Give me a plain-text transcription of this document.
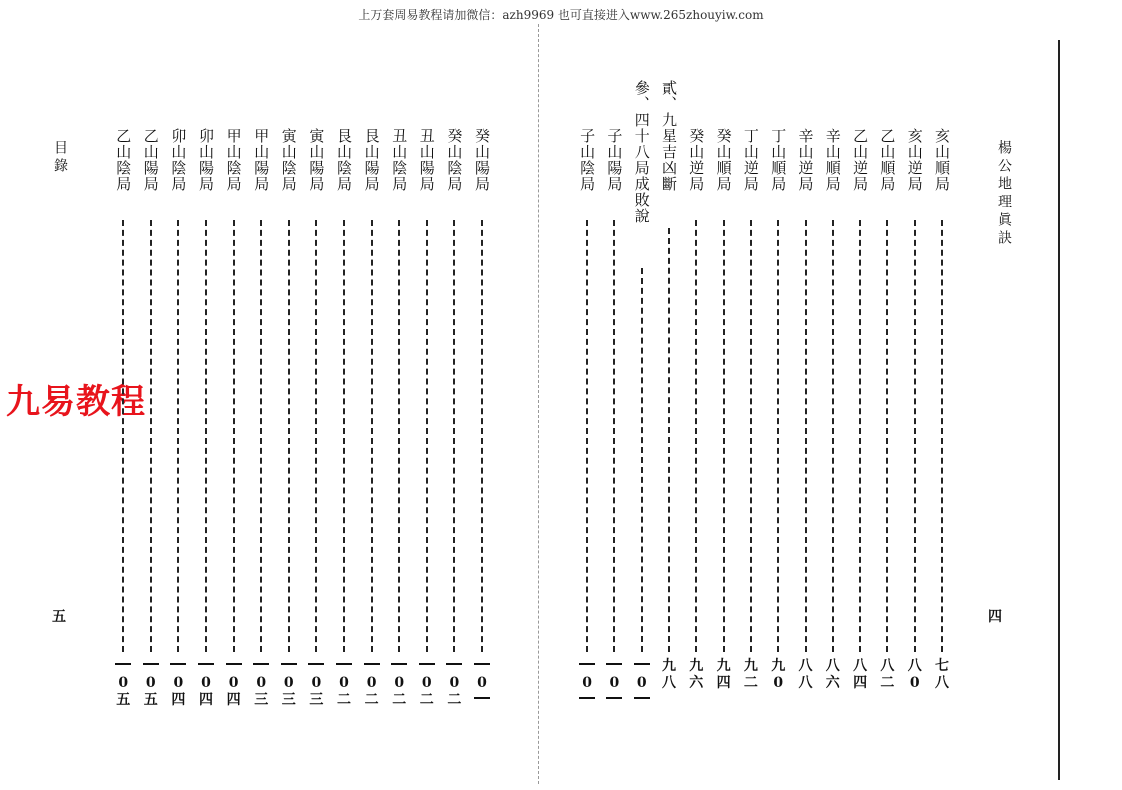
上万套周易教程请加微信：azh9969 也可直接进入www.265zhouyiw.com
九易教程
目錄
五
癸山陽局
0
癸山陰局
0
二
丑山陽局
0
二
丑山陰局
0
二
艮山陽局
0
二
艮山陰局
0
二
寅山陽局
0
三
寅山陰局
0
三
甲山陽局
0
三
甲山陰局
0
四
卯山陽局
0
四
卯山陰局
0
四
乙山陽局
0
五
乙山陰局
0
五
楊公地理眞訣
四
亥山順局
七
八
亥山逆局
八
0
乙山順局
八
二
乙山逆局
八
四
辛山順局
八
六
辛山逆局
八
八
丁山順局
九
0
丁山逆局
九
二
癸山順局
九
四
癸山逆局
九
六
貳、九星吉凶斷
九
八
參、四十八局成敗說
0
子山陽局
0
子山陰局
0
